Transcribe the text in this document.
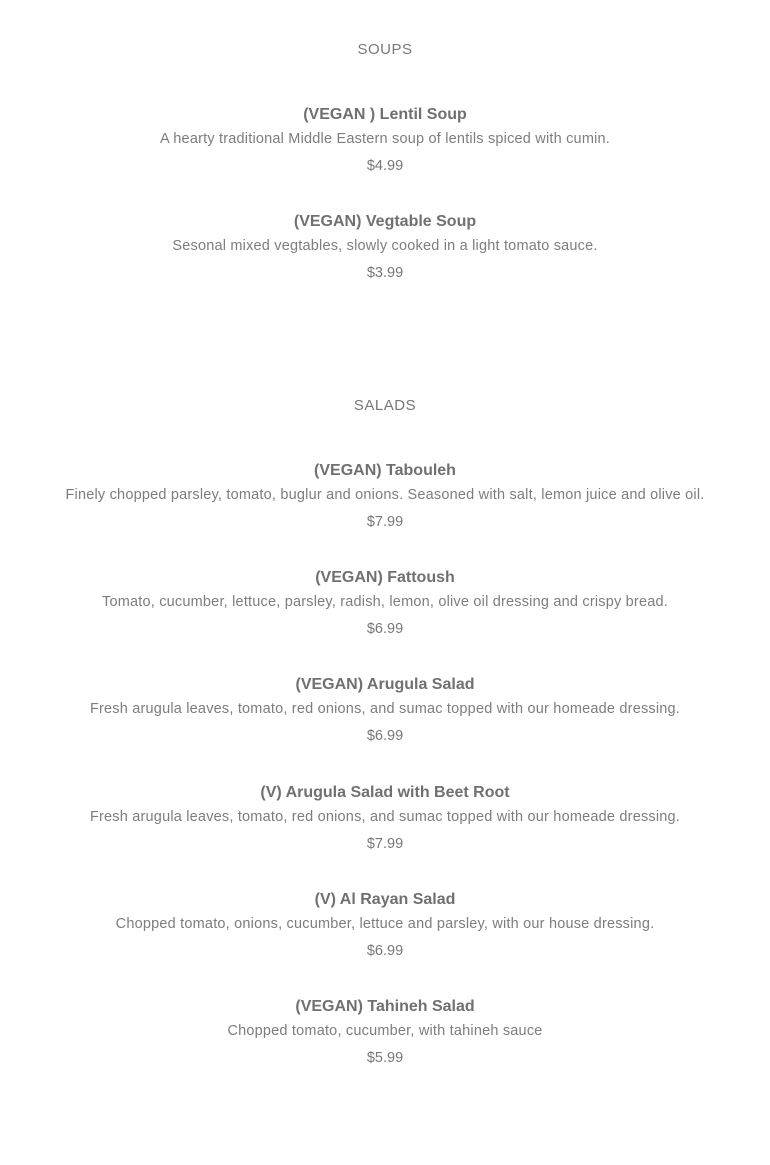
SOUPS
(VEGAN ) Lentil Soup
A hearty traditional Middle Eastern soup of lentils spiced with cumin.
$4.99
(VEGAN) Vegtable Soup
Sesonal mixed vegtables, slowly cooked in a light tomato sauce.
$3.99
SALADS
(VEGAN) Tabouleh
Finely chopped parsley, tomato, buglur and onions. Seasoned with salt, lemon juice and olive oil.
$7.99
(VEGAN) Fattoush
Tomato, cucumber, lettuce, parsley, radish, lemon, olive oil dressing and crispy bread.
$6.99
(VEGAN) Arugula Salad
Fresh arugula leaves, tomato, red onions, and sumac topped with our homeade dressing.
$6.99
(V) Arugula Salad with Beet Root
Fresh arugula leaves, tomato, red onions, and sumac topped with our homeade dressing.
$7.99
(V) Al Rayan Salad
Chopped tomato, onions, cucumber, lettuce and parsley, with our house dressing.
$6.99
(VEGAN) Tahineh Salad
Chopped tomato, cucumber, with tahineh sauce
$5.99
